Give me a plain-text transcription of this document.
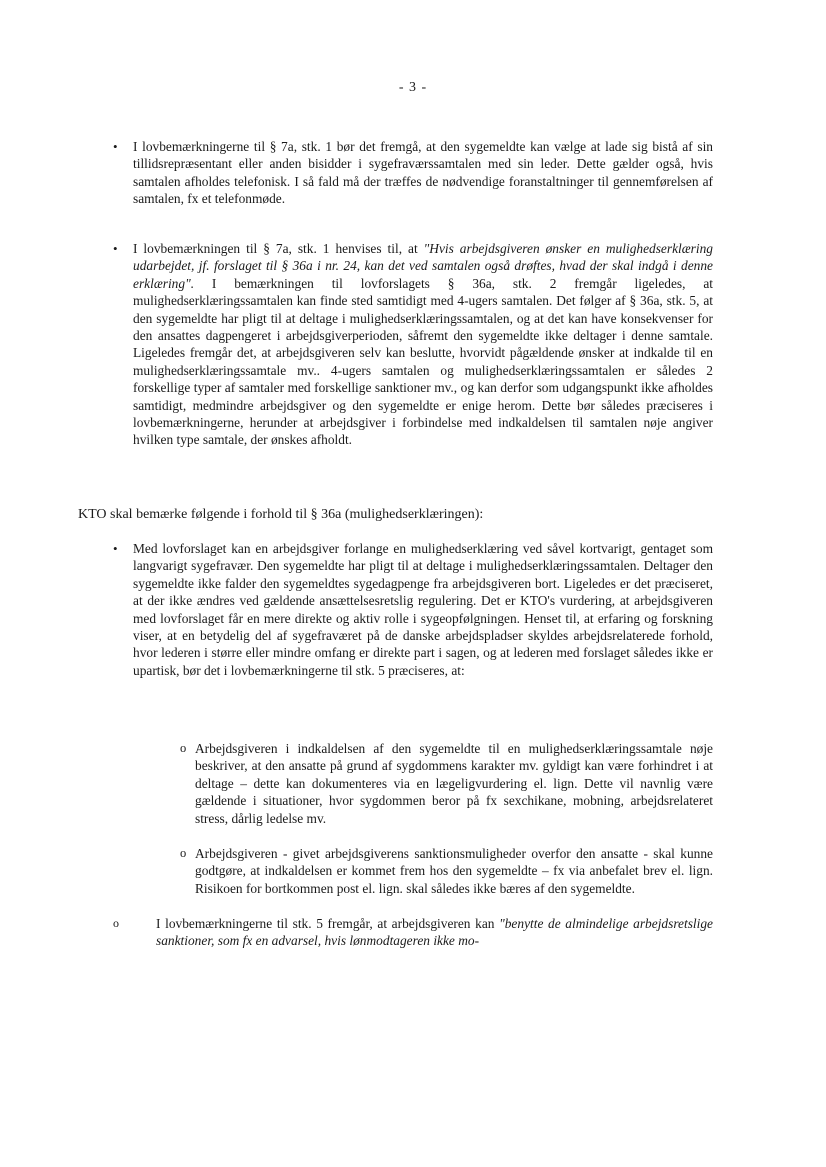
- 3 -
• I lovbemærkningerne til § 7a, stk. 1 bør det fremgå, at den sygemeldte kan vælge at lade sig bistå af sin tillidsrepræsentant eller anden bisidder i sygefraværssamtalen med sin leder. Dette gælder også, hvis samtalen afholdes telefonisk. I så fald må der træffes de nødvendige foranstaltninger til gennemførelsen af samtalen, fx et telefonmøde.
• I lovbemærkningen til § 7a, stk. 1 henvises til, at "Hvis arbejdsgiveren ønsker en mulighedserklæring udarbejdet, jf. forslaget til § 36a i nr. 24, kan det ved samtalen også drøftes, hvad der skal indgå i denne erklæring". I bemærkningen til lovforslagets § 36a, stk. 2 fremgår ligeledes, at mulighedserklæringssamtalen kan finde sted samtidigt med 4-ugers samtalen. Det følger af § 36a, stk. 5, at den sygemeldte har pligt til at deltage i mulighedserklæringssamtalen, og at det kan have konsekvenser for den ansattes dagpengeret i arbejdsgiverperioden, såfremt den sygemeldte ikke deltager i denne samtale. Ligeledes fremgår det, at arbejdsgiveren selv kan beslutte, hvorvidt pågældende ønsker at indkalde til en mulighedserklæringssamtale mv.. 4-ugers samtalen og mulighedserklæringssamtalen er således 2 forskellige typer af samtaler med forskellige sanktioner mv., og kan derfor som udgangspunkt ikke afholdes samtidigt, medmindre arbejdsgiver og den sygemeldte er enige herom. Dette bør således præciseres i lovbemærkningerne, herunder at arbejdsgiver i forbindelse med indkaldelsen til samtalen nøje angiver hvilken type samtale, der ønskes afholdt.
KTO skal bemærke følgende i forhold til § 36a (mulighedserklæringen):
• Med lovforslaget kan en arbejdsgiver forlange en mulighedserklæring ved såvel kortvarigt, gentaget som langvarigt sygefravær. Den sygemeldte har pligt til at deltage i mulighedserklæringssamtalen. Deltager den sygemeldte ikke falder den sygemeldtes sygedagpenge fra arbejdsgiveren bort. Ligeledes er det præciseret, at der ikke ændres ved gældende ansættelsesretslig regulering. Det er KTO's vurdering, at arbejdsgiveren med lovforslaget får en mere direkte og aktiv rolle i sygeopfølgningen. Henset til, at erfaring og forskning viser, at en betydelig del af sygefraværet på de danske arbejdspladser skyldes arbejdsrelaterede forhold, hvor lederen i større eller mindre omfang er direkte part i sagen, og at lederen med forslaget således ikke er upartisk, bør det i lovbemærkningerne til stk. 5 præciseres, at:
o Arbejdsgiveren i indkaldelsen af den sygemeldte til en mulighedserklæringssamtale nøje beskriver, at den ansatte på grund af sygdommens karakter mv. gyldigt kan være forhindret i at deltage – dette kan dokumenteres via en lægeligvurdering el. lign. Dette vil navnlig være gældende i situationer, hvor sygdommen beror på fx sexchikane, mobning, arbejdsrelateret stress, dårlig ledelse mv.
o Arbejdsgiveren - givet arbejdsgiverens sanktionsmuligheder overfor den ansatte - skal kunne godtgøre, at indkaldelsen er kommet frem hos den sygemeldte – fx via anbefalet brev el. lign. Risikoen for bortkommen post el. lign. skal således ikke bæres af den sygemeldte.
o	I lovbemærkningerne til stk. 5 fremgår, at arbejdsgiveren kan "benytte de almindelige arbejdsretslige sanktioner, som fx en advarsel, hvis lønmodtageren ikke mo-
